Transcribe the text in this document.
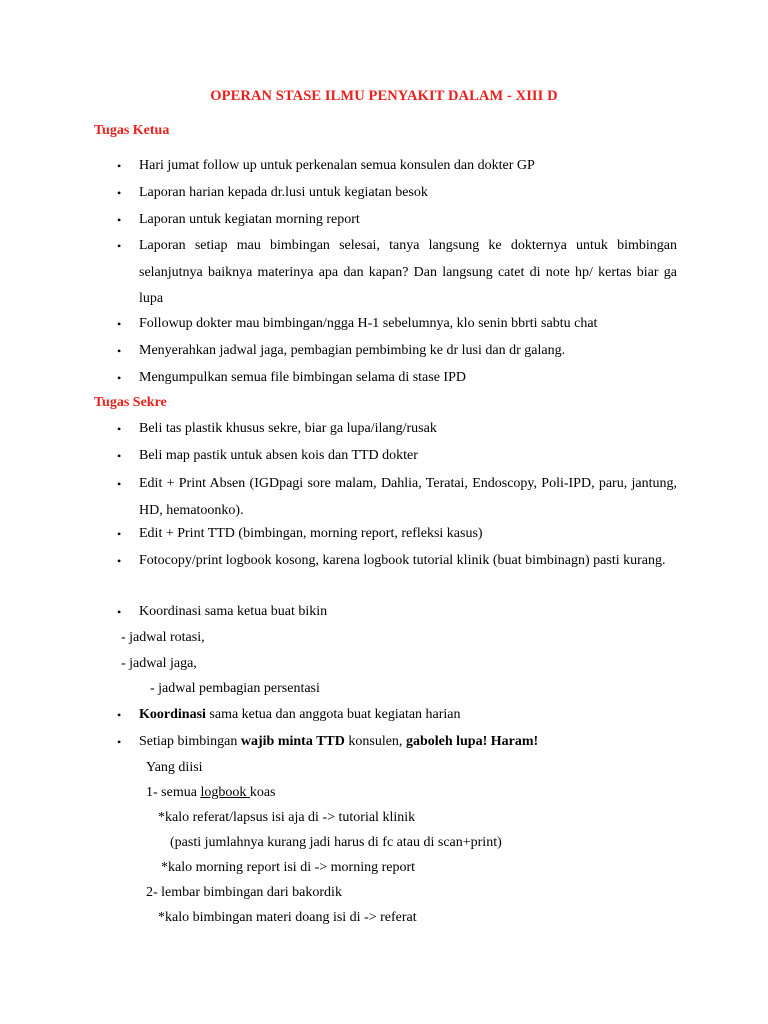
OPERAN STASE ILMU PENYAKIT DALAM - XIII D
Tugas Ketua
• Hari jumat follow up untuk perkenalan semua konsulen dan dokter GP
• Laporan harian kepada dr.lusi untuk kegiatan besok
• Laporan untuk kegiatan morning report
• Laporan setiap mau bimbingan selesai, tanya langsung ke dokternya untuk bimbingan selanjutnya baiknya materinya apa dan kapan? Dan langsung catet di note hp/ kertas biar ga lupa
• Followup dokter mau bimbingan/ngga H-1 sebelumnya, klo senin bbrti sabtu chat
• Menyerahkan jadwal jaga, pembagian pembimbing ke dr lusi dan dr galang.
• Mengumpulkan semua file bimbingan selama di stase IPD
Tugas Sekre
• Beli tas plastik khusus sekre, biar ga lupa/ilang/rusak
• Beli map pastik untuk absen kois dan TTD dokter
• Edit + Print Absen (IGDpagi sore malam, Dahlia, Teratai, Endoscopy, Poli-IPD, paru, jantung, HD, hematoonko).
• Edit + Print TTD (bimbingan, morning report, refleksi kasus)
• Fotocopy/print logbook kosong, karena logbook tutorial klinik (buat bimbinagn) pasti kurang.
• Koordinasi sama ketua buat bikin
- jadwal rotasi,
- jadwal jaga,
- jadwal pembagian persentasi
• Koordinasi sama ketua dan anggota buat kegiatan harian
• Setiap bimbingan wajib minta TTD konsulen, gaboleh lupa! Haram!
Yang diisi
1- semua logbook koas
*kalo referat/lapsus isi aja di -> tutorial klinik
(pasti jumlahnya kurang jadi harus di fc atau di scan+print)
*kalo morning report isi di -> morning report
2- lembar bimbingan dari bakordik
*kalo bimbingan materi doang isi di -> referat
